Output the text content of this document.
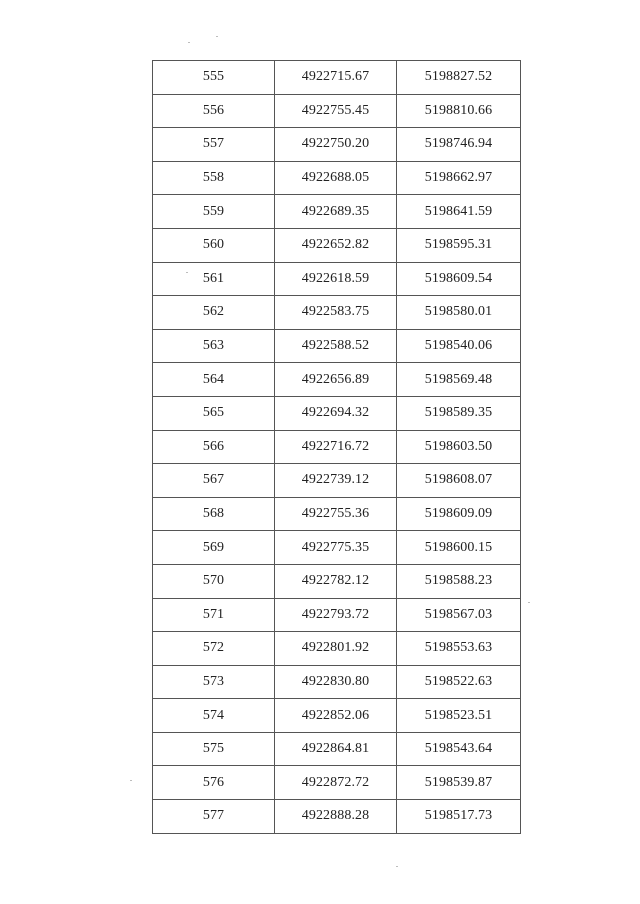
555	4922715.67	5198827.52
556	4922755.45	5198810.66
557	4922750.20	5198746.94
558	4922688.05	5198662.97
559	4922689.35	5198641.59
560	4922652.82	5198595.31
561	4922618.59	5198609.54
562	4922583.75	5198580.01
563	4922588.52	5198540.06
564	4922656.89	5198569.48
565	4922694.32	5198589.35
566	4922716.72	5198603.50
567	4922739.12	5198608.07
568	4922755.36	5198609.09
569	4922775.35	5198600.15
570	4922782.12	5198588.23
571	4922793.72	5198567.03
572	4922801.92	5198553.63
573	4922830.80	5198522.63
574	4922852.06	5198523.51
575	4922864.81	5198543.64
576	4922872.72	5198539.87
577	4922888.28	5198517.73
